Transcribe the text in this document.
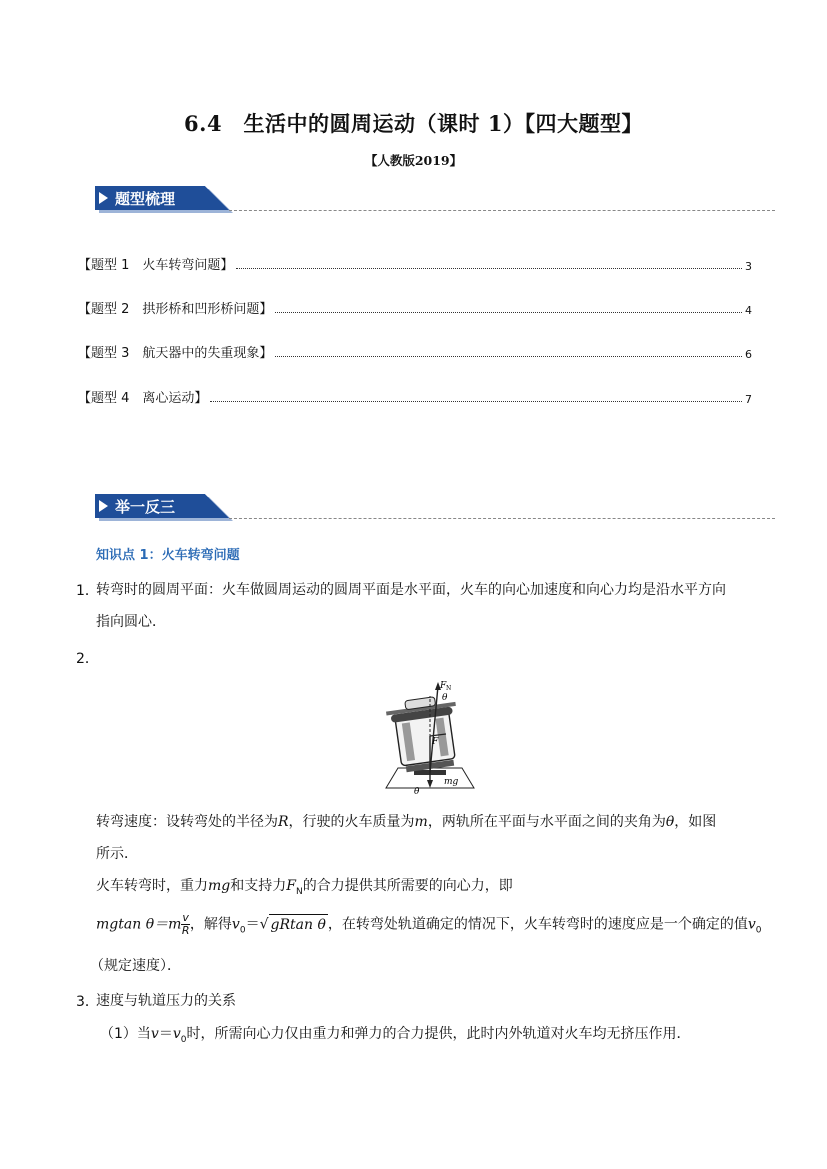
6.4　生活中的圆周运动（课时 1）【四大题型】
【人教版2019】
题型梳理
【题型 1　火车转弯问题】	3
【题型 2　拱形桥和凹形桥问题】	4
【题型 3　航天器中的失重现象】	6
【题型 4　离心运动】	7
举一反三
知识点 1：火车转弯问题
1．
转弯时的圆周平面：火车做圆周运动的圆周平面是水平面，火车的向心加速度和向心力均是沿水平方向
指向圆心．
2．
F N
θ
F
mg
θ
转弯速度：设转弯处的半径为R，行驶的火车质量为m，两轨所在平面与水平面之间的夹角为θ，如图
所示．
火车转弯时，重力mg和支持力$F_N$的合力提供其所需要的向心力，即
mgtan $\theta=m \frac{v}{R}$ ，解得$v_0=√$ gRtan θ ，在转弯处轨道确定的情况下，火车转弯时的速度应是一个确定的值$v_0$
（规定速度）．
3．
速度与轨道压力的关系
（1）当$v=v_0$时，所需向心力仅由重力和弹力的合力提供，此时内外轨道对火车均无挤压作用．
